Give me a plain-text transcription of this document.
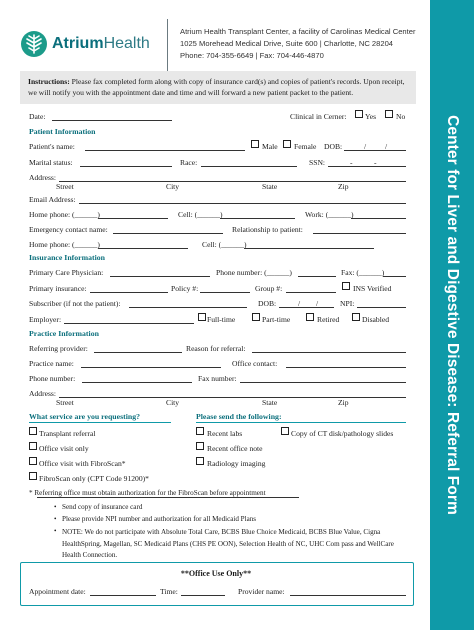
Center for Liver and Digestive Disease: Referral Form
AtriumHealth
Atrium Health Transplant Center, a facility of Carolinas Medical Center
1025 Morehead Medical Drive, Suite 600 | Charlotte, NC 28204
Phone: 704-355-6649 | Fax: 704-446-4870
Instructions: Please fax completed form along with copy of insurance card(s) and copies of patient's records. Upon receipt, we will notify you with the appointment date and time and will forward a new patient packet to the patient.
Date:	Clinical in Cerner: Yes	No
Patient Information
Patient's name:	Male Female DOB:	/ /
Marital status:	Race:	SSN:	-	-
Address:
Street	City	State	Zip
Email Address:
Home phone: (______)	Cell: (______)	Work: (______)
Emergency contact name:	Relationship to patient:
Home phone: (______)	Cell: (______)
Insurance Information
Primary Care Physician:	Phone number: (______)	Fax: (______)
Primary insurance:	Policy #:	Group #:	INS Verified
Subscriber (if not the patient):	DOB:	/ /	NPI:
Employer:	Full-time	Part-time	Retired	Disabled
Practice Information
Referring provider:	Reason for referral:
Practice name:	Office contact:
Phone number:	Fax number:
Address:
Street	City	State	Zip
What service are you requesting?	Please send the following:
Transplant referral
Office visit only
Office visit with FibroScan*
FibroScan only (CPT Code 91200)*
Recent labs
Recent office note
Radiology imaging
Copy of CT disk/pathology slides
* Referring office must obtain authorization for the FibroScan before appointment
• Send copy of insurance card
• Please provide NPI number and authorization for all Medicaid Plans
• NOTE: We do not participate with Absolute Total Care, BCBS Blue Choice Medicaid, BCBS Blue Value, Cigna HealthSpring, Magellan, SC Medicaid Plans (CHS PE OON), Selection Health of NC, UHC Com pass and WellCare Health Connection.
**Office Use Only**
Appointment date:	Time:	Provider name:
